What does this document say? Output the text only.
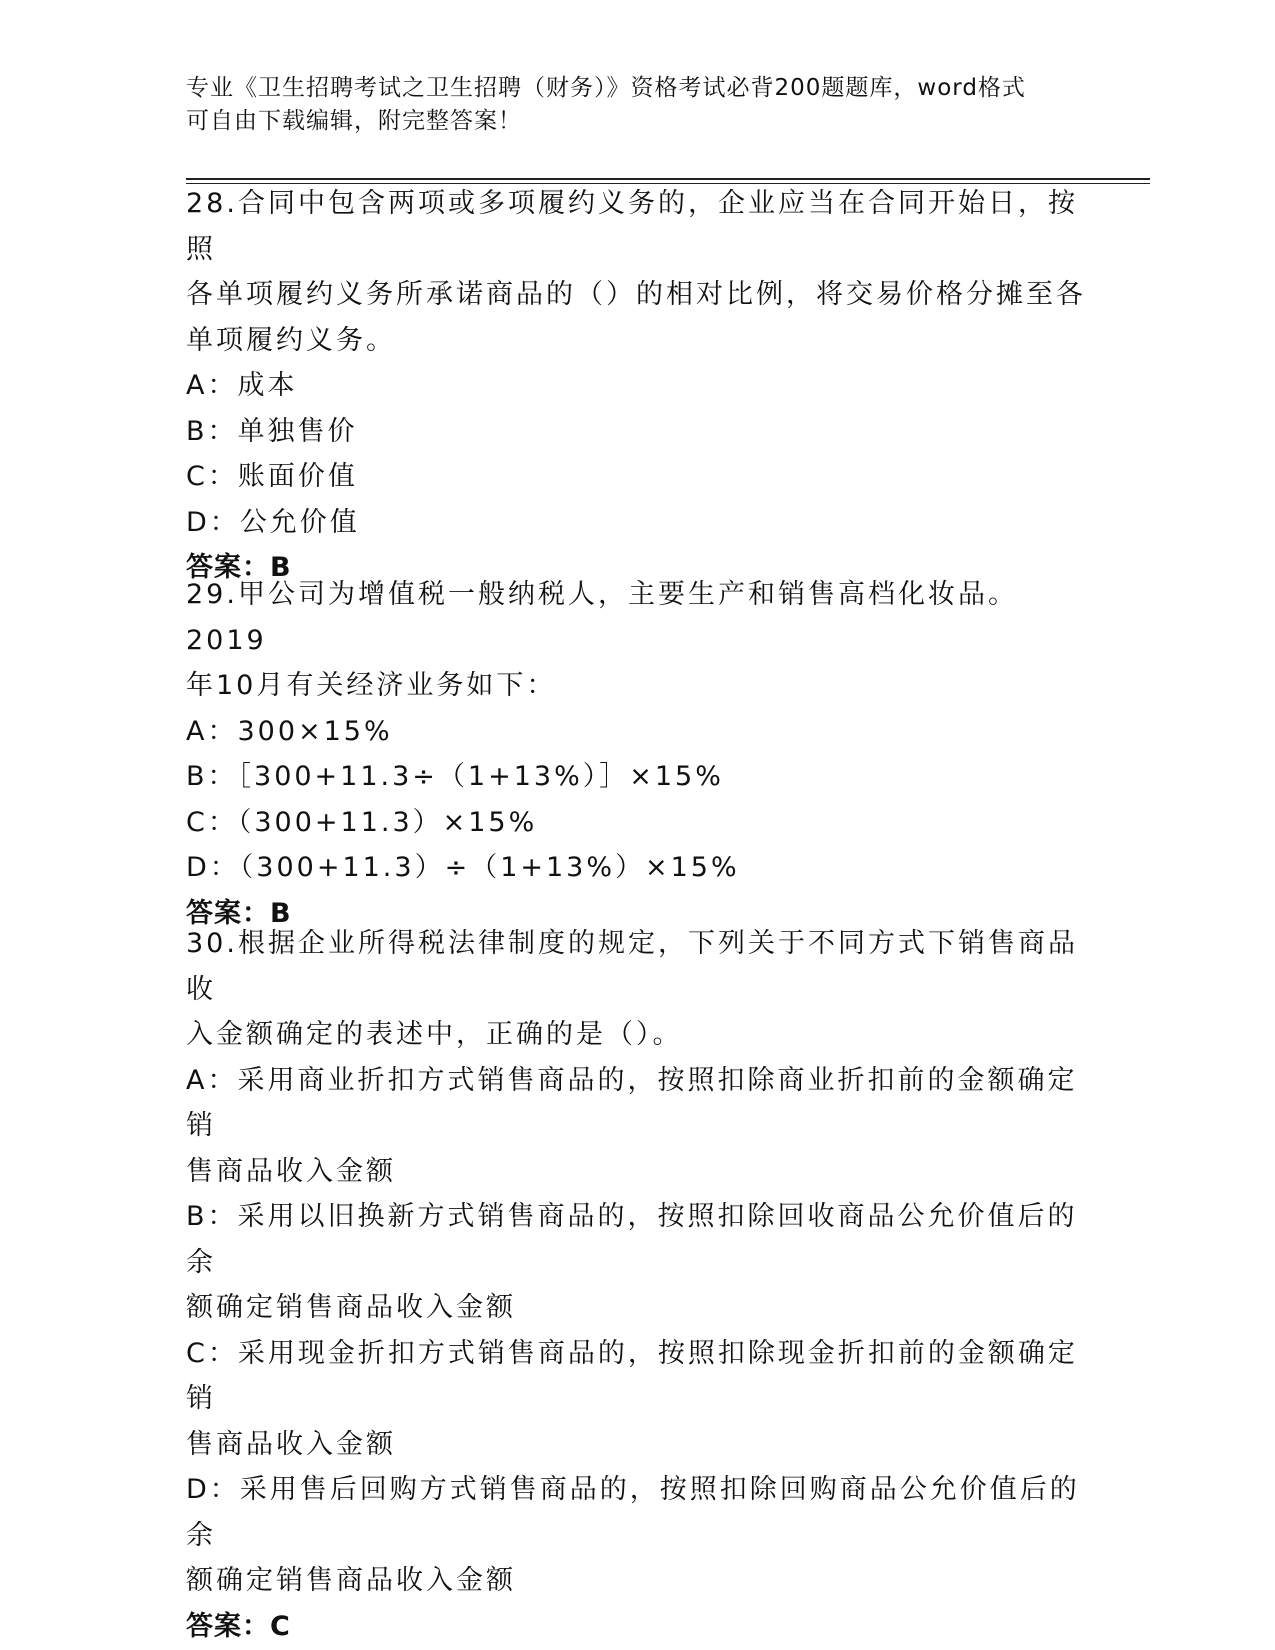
专业《卫生招聘考试之卫生招聘（财务）》资格考试必背200题题库，word格式
可自由下载编辑，附完整答案！

28.合同中包含两项或多项履约义务的，企业应当在合同开始日，按照

各单项履约义务所承诺商品的（）的相对比例，将交易价格分摊至各

单项履约义务。

A：成本

B：单独售价

C：账面价值

D：公允价值

答案：B

29.甲公司为增值税一般纳税人，主要生产和销售高档化妆品。2019

年10月有关经济业务如下：

A：300×15%

B：［300+11.3÷（1+13%）］×15%

C：（300+11.3）×15%

D：（300+11.3）÷（1+13%）×15%

答案：B

30.根据企业所得税法律制度的规定，下列关于不同方式下销售商品收

入金额确定的表述中，正确的是（）。

A：采用商业折扣方式销售商品的，按照扣除商业折扣前的金额确定销

售商品收入金额

B：采用以旧换新方式销售商品的，按照扣除回收商品公允价值后的余

额确定销售商品收入金额

C：采用现金折扣方式销售商品的，按照扣除现金折扣前的金额确定销

售商品收入金额

D：采用售后回购方式销售商品的，按照扣除回购商品公允价值后的余

额确定销售商品收入金额

答案：C
